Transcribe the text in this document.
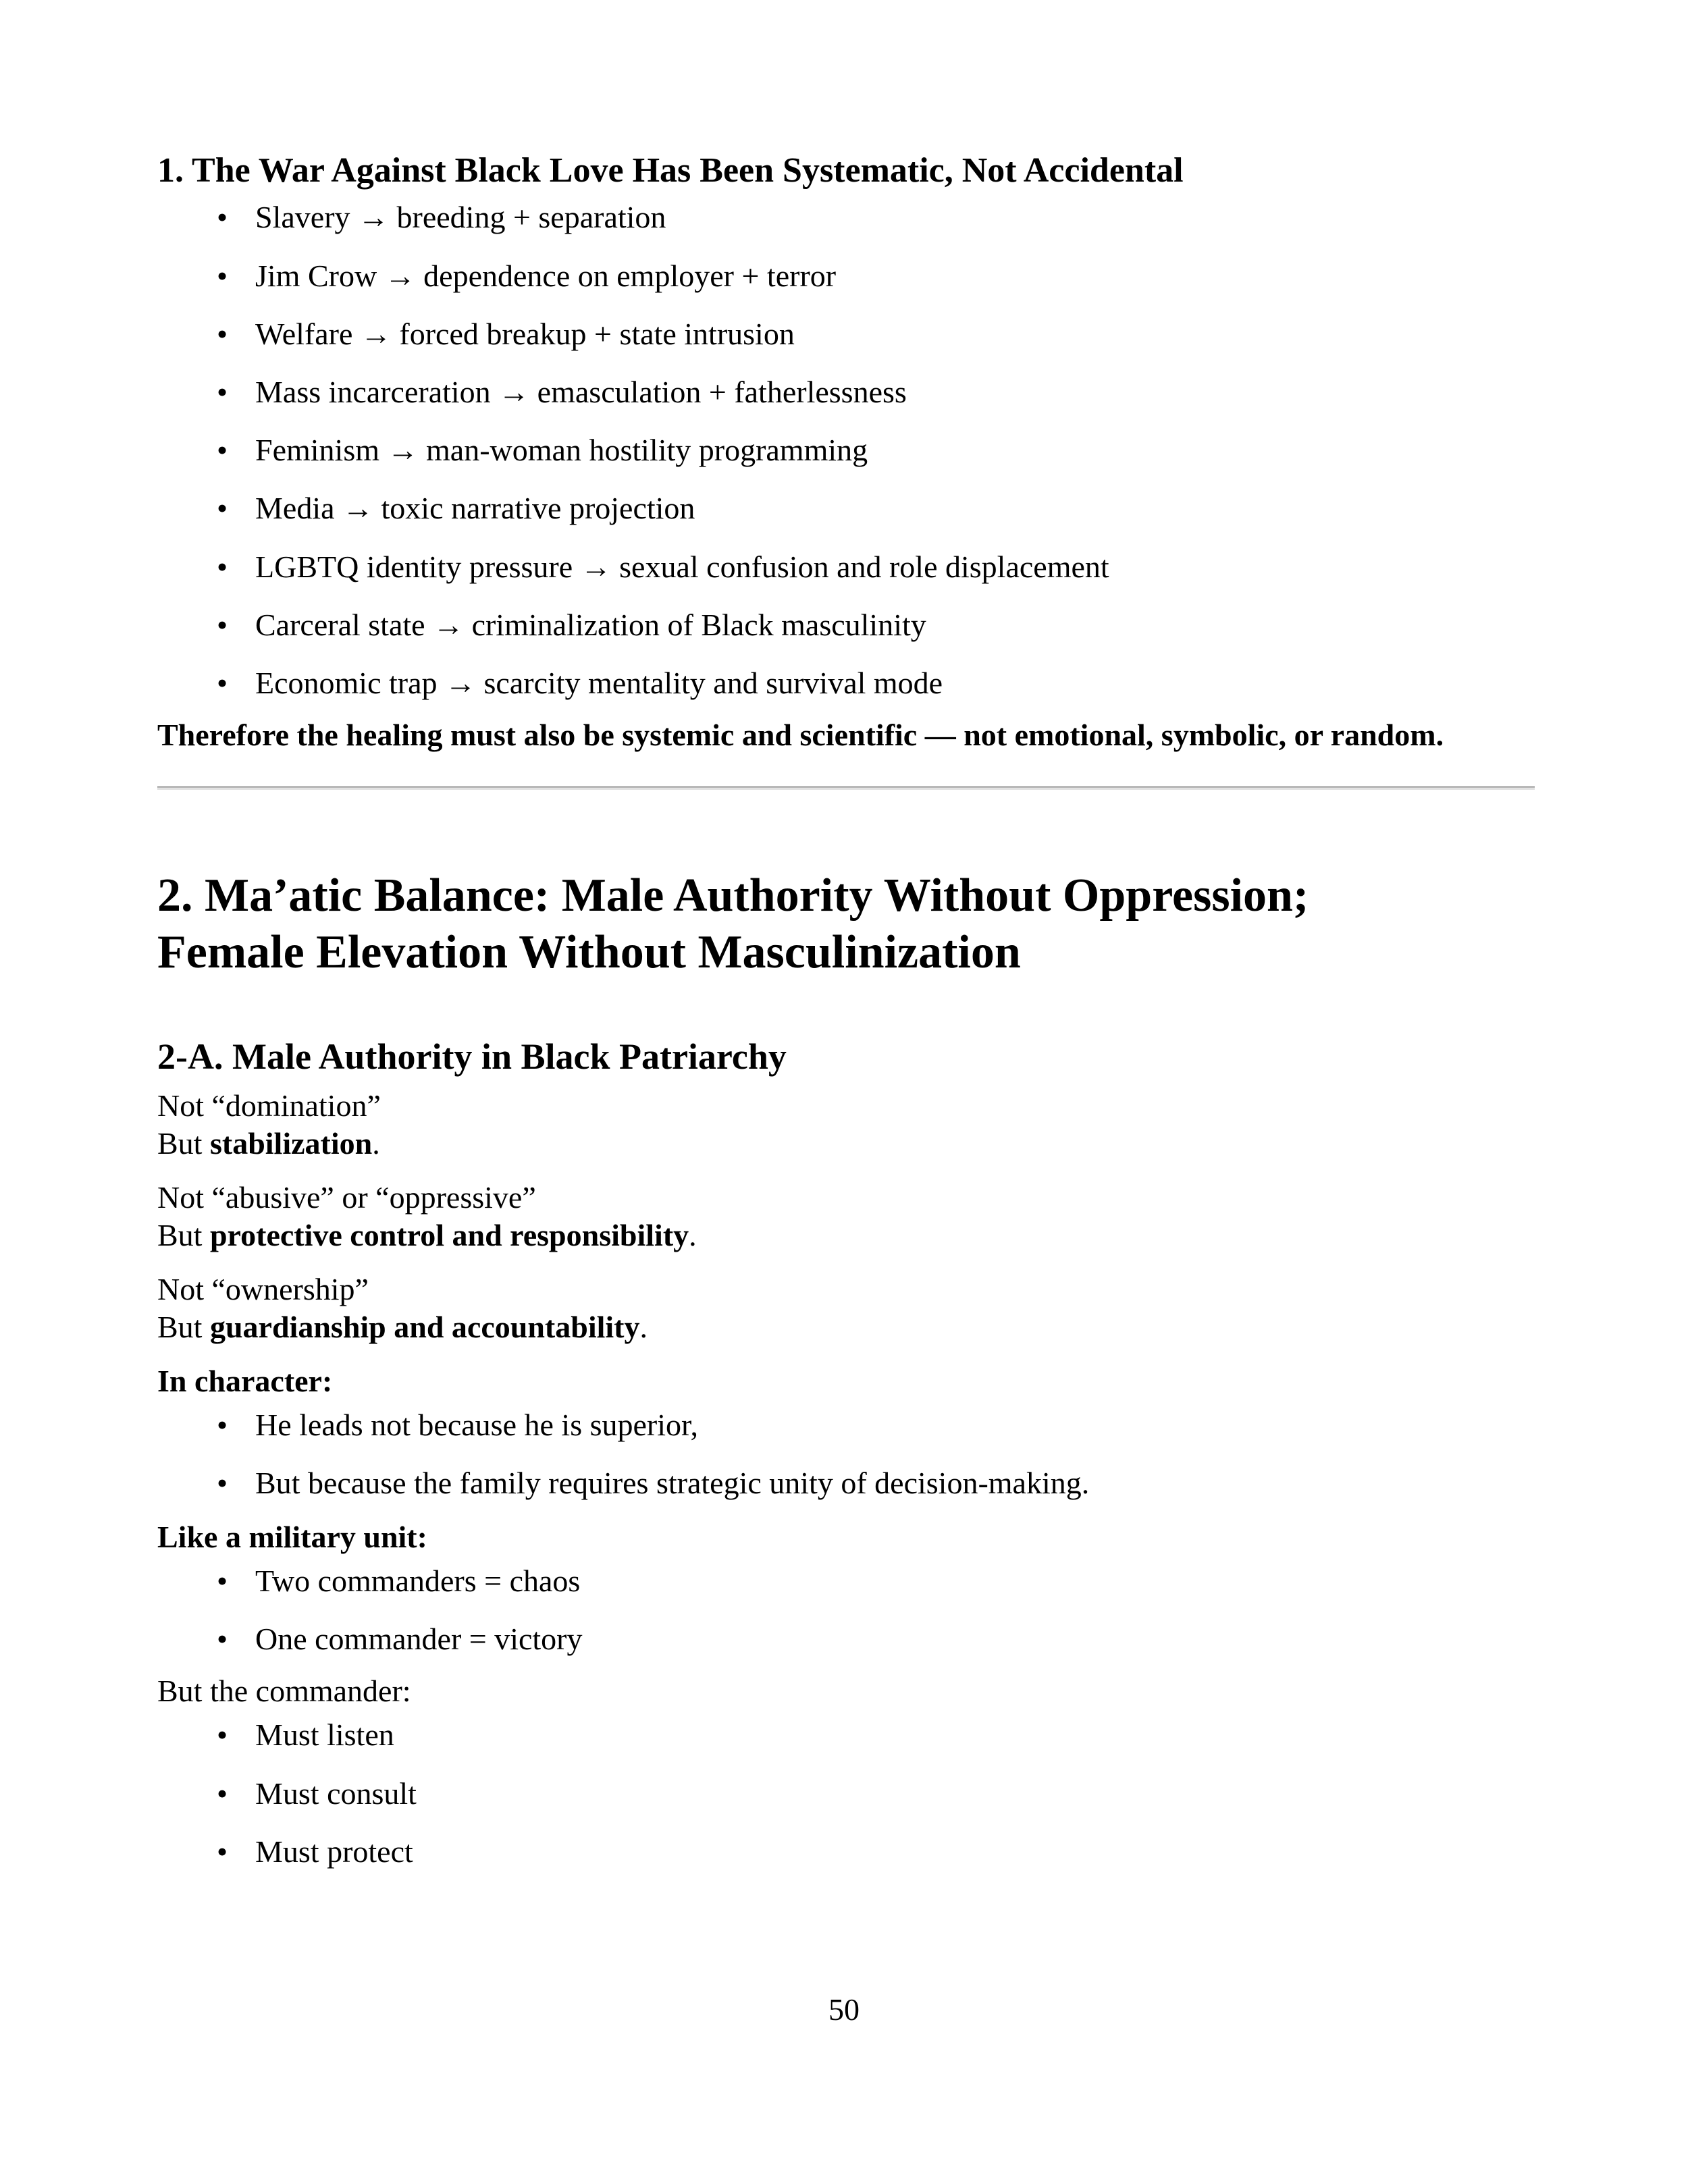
1. The War Against Black Love Has Been Systematic, Not Accidental
• Slavery → breeding + separation
• Jim Crow → dependence on employer + terror
• Welfare → forced breakup + state intrusion
• Mass incarceration → emasculation + fatherlessness
• Feminism → man-woman hostility programming
• Media → toxic narrative projection
• LGBTQ identity pressure → sexual confusion and role displacement
• Carceral state → criminalization of Black masculinity
• Economic trap → scarcity mentality and survival mode

Therefore the healing must also be systemic and scientific — not emotional, symbolic, or random.

2. Ma’atic Balance: Male Authority Without Oppression;
Female Elevation Without Masculinization
2-A. Male Authority in Black Patriarchy

Not “domination”
But stabilization.

Not “abusive” or “oppressive”
But protective control and responsibility.

Not “ownership”
But guardianship and accountability.

In character:

• He leads not because he is superior,
• But because the family requires strategic unity of decision-making.

Like a military unit:

• Two commanders = chaos
• One commander = victory

But the commander:

• Must listen
• Must consult
• Must protect
50
